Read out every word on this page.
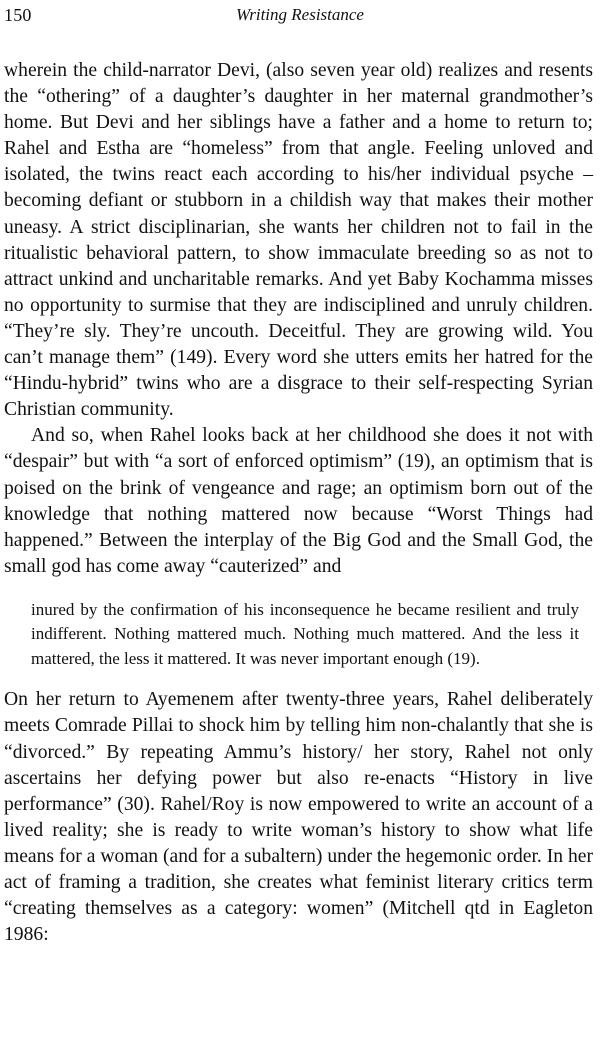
150	Writing Resistance

wherein the child-narrator Devi, (also seven year old) realizes and resents the “othering” of a daughter’s daughter in her maternal grandmother’s home. But Devi and her siblings have a father and a home to return to; Rahel and Estha are “homeless” from that angle. Feeling unloved and isolated, the twins react each according to his/her individual psyche – becoming defiant or stubborn in a childish way that makes their mother uneasy. A strict disciplinarian, she wants her children not to fail in the ritualistic behavioral pattern, to show immaculate breeding so as not to attract unkind and uncharitable remarks. And yet Baby Kochamma misses no opportunity to surmise that they are indisciplined and unruly children. “They’re sly. They’re uncouth. Deceitful. They are growing wild. You can’t manage them” (149). Every word she utters emits her hatred for the “Hindu-hybrid” twins who are a disgrace to their self-respecting Syrian Christian community.

And so, when Rahel looks back at her childhood she does it not with “despair” but with “a sort of enforced optimism” (19), an optimism that is poised on the brink of vengeance and rage; an optimism born out of the knowledge that nothing mattered now because “Worst Things had happened.” Between the interplay of the Big God and the Small God, the small god has come away “cauterized” and

inured by the confirmation of his inconsequence he became resilient and truly indifferent. Nothing mattered much. Nothing much mattered. And the less it mattered, the less it mattered. It was never important enough (19).

On her return to Ayemenem after twenty-three years, Rahel deliberately meets Comrade Pillai to shock him by telling him non-chalantly that she is “divorced.” By repeating Ammu’s history/ her story, Rahel not only ascertains her defying power but also re-enacts “History in live performance” (30). Rahel/Roy is now empowered to write an account of a lived reality; she is ready to write woman’s history to show what life means for a woman (and for a subaltern) under the hegemonic order. In her act of framing a tradition, she creates what feminist literary critics term “creating themselves as a category: women” (Mitchell qtd in Eagleton 1986:
